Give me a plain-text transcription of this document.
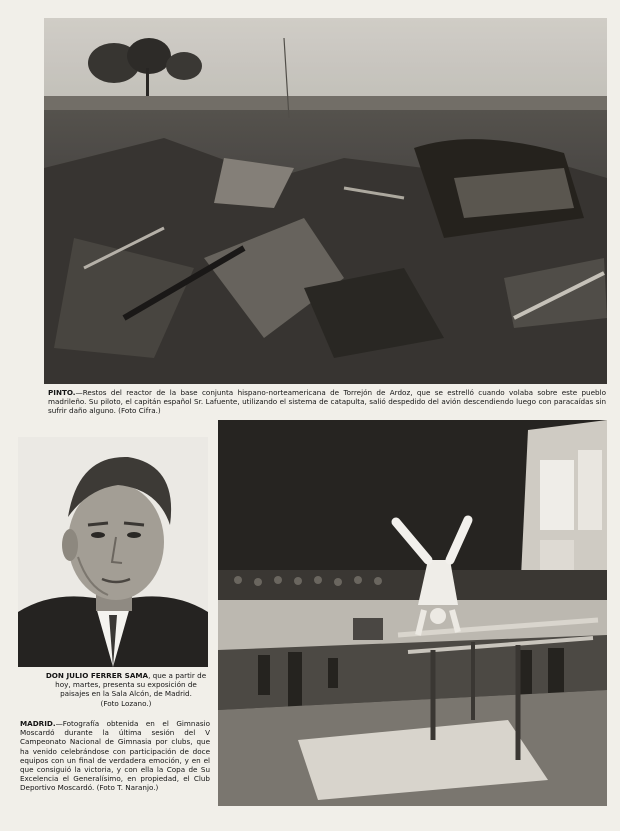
PINTO.—Restos del reactor de la base conjunta hispano-norteamericana de Torrejón de Ardoz, que se estrelló cuando volaba sobre este pueblo madrileño. Su piloto, el capitán español Sr. Lafuente, utilizando el sistema de catapulta, salió despedido del avión descendiendo luego con paracaídas sin sufrir daño alguno. (Foto Cifra.)

DON JULIO FERRER SAMA, que a partir de hoy, martes, presenta su exposición de paisajes en la Sala Alcón, de Madrid. (Foto Lozano.)

MADRID.—Fotografía obtenida en el Gimnasio Moscardó durante la última sesión del V Campeonato Nacional de Gimnasia por clubs, que ha venido celebrándose con participación de doce equipos con un final de verdadera emoción, y en el que consiguió la victoria, y con ella la Copa de Su Excelencia el Generalísimo, en propiedad, el Club Deportivo Moscardó. (Foto T. Naranjo.)
